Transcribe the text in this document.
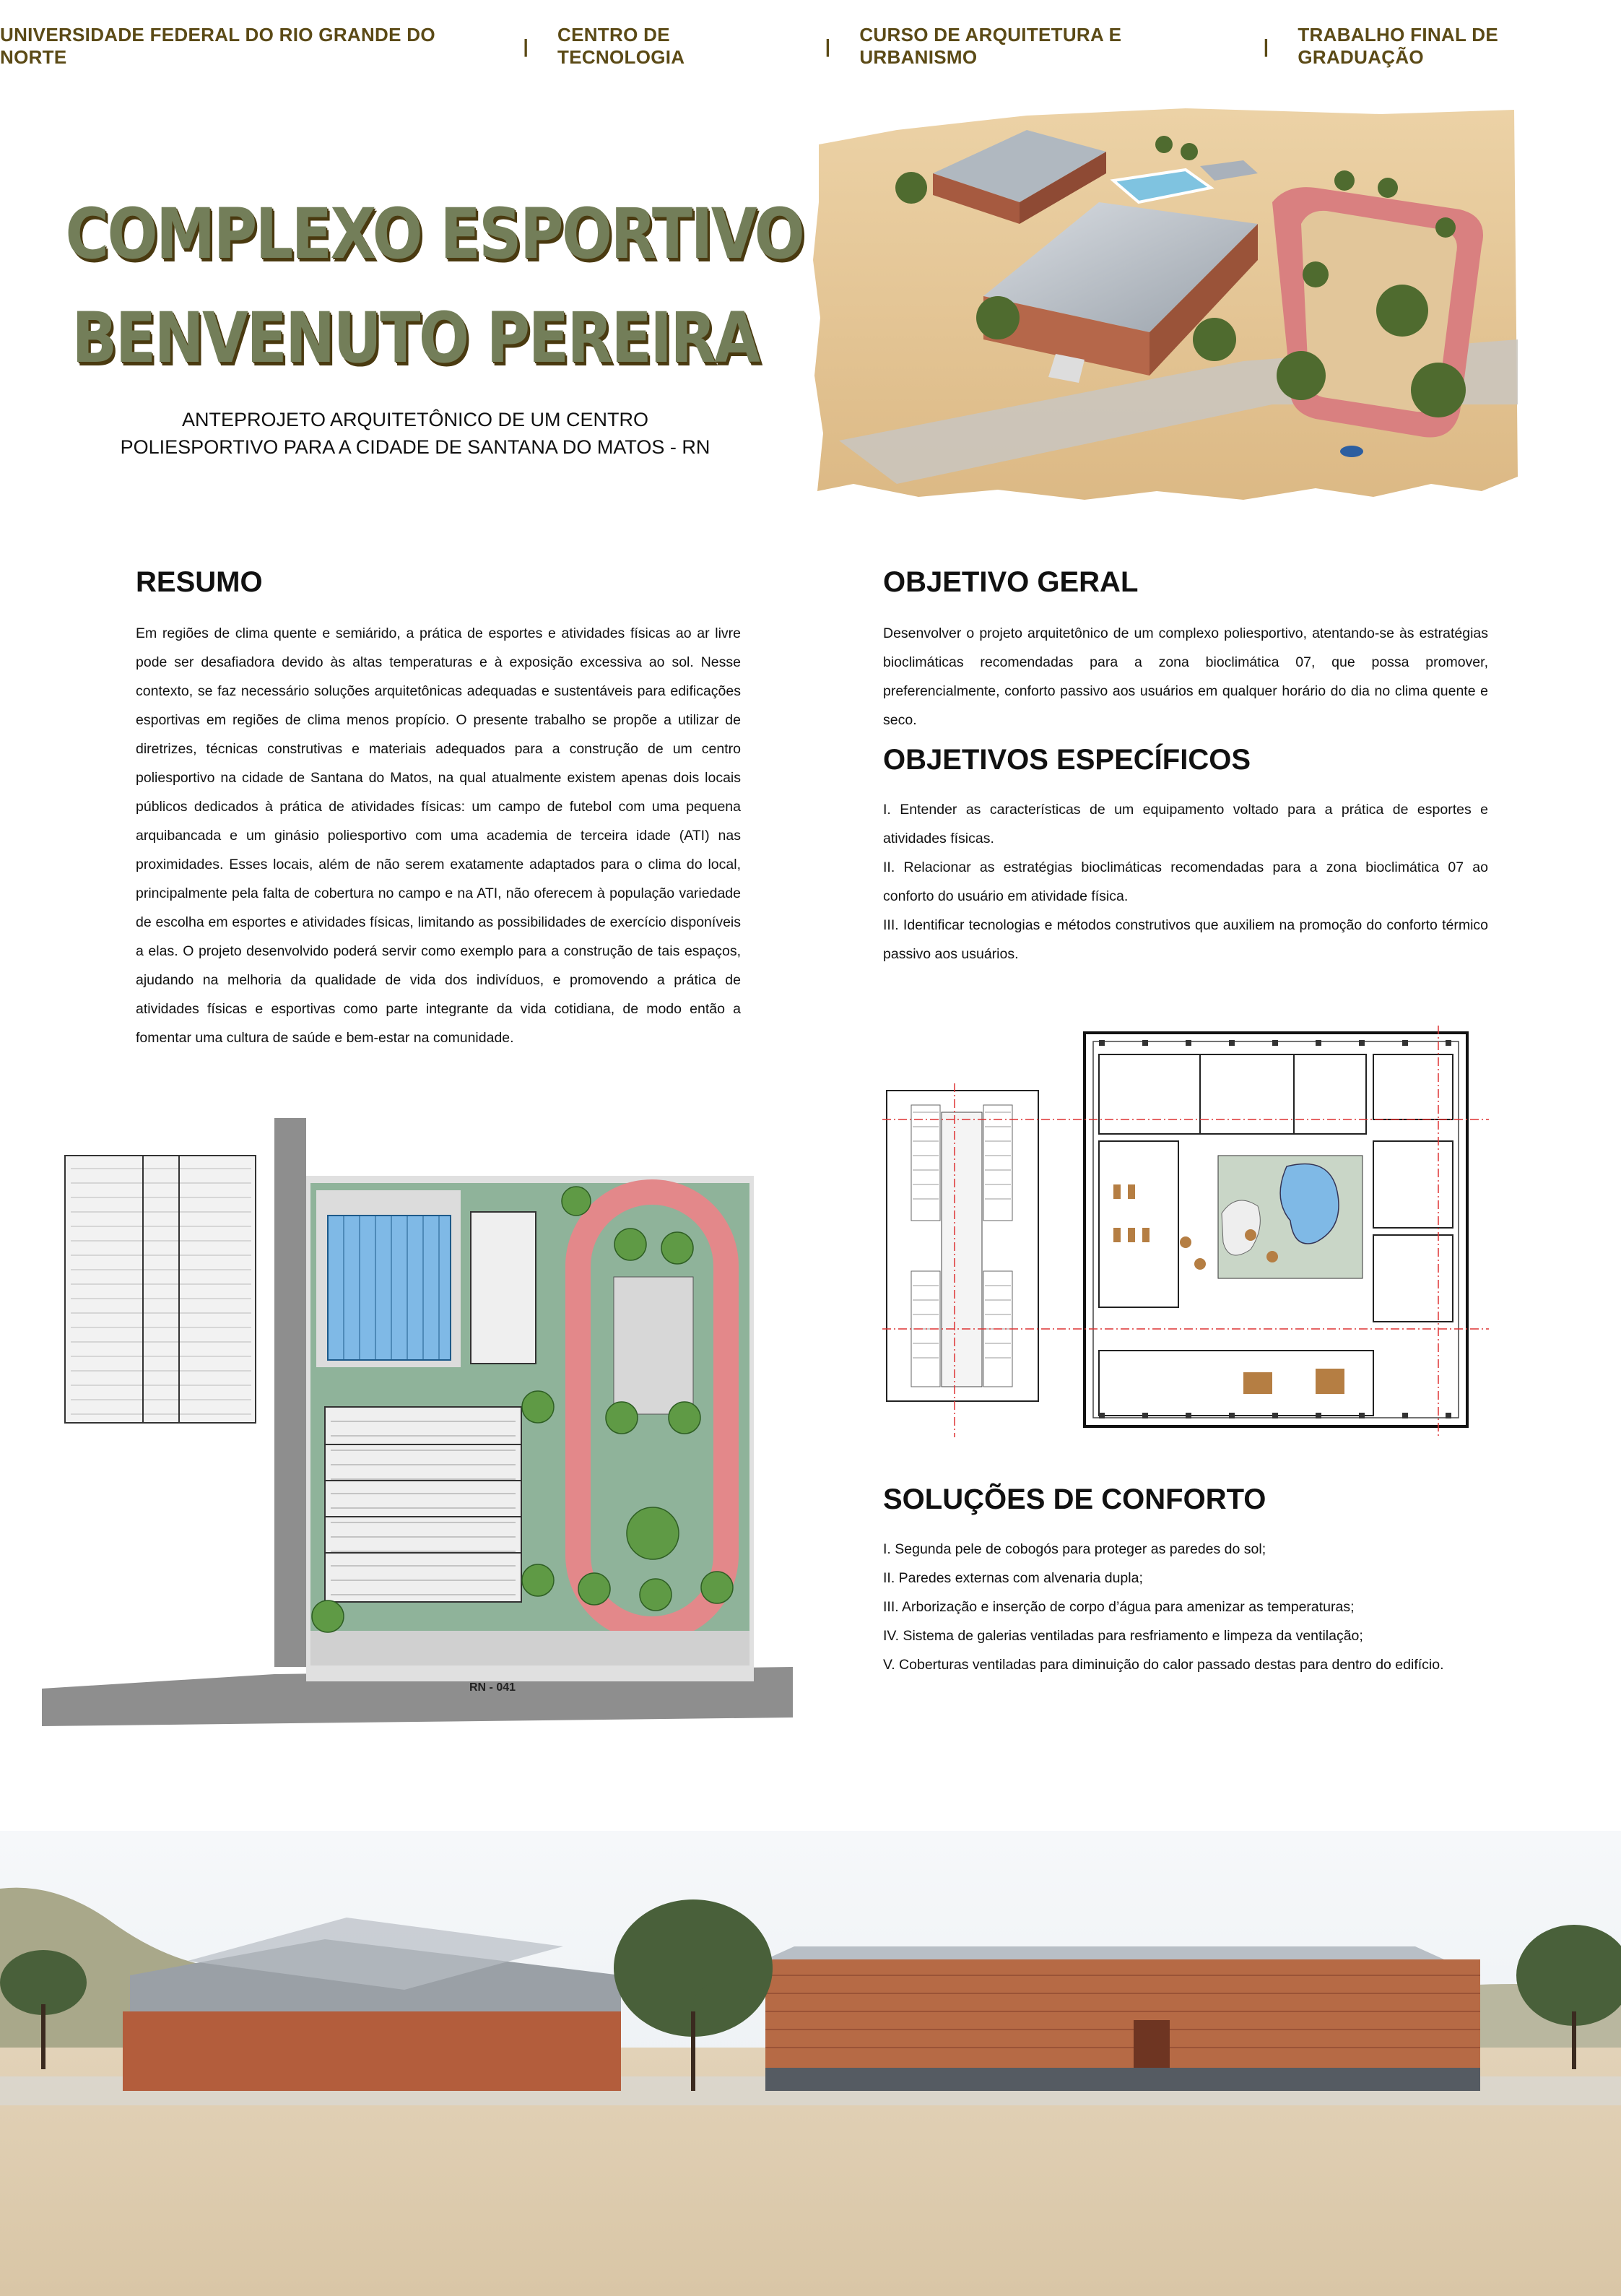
UNIVERSIDADE FEDERAL DO RIO GRANDE DO NORTE
|
CENTRO DE TECNOLOGIA
|
CURSO DE ARQUITETURA E URBANISMO
|
TRABALHO FINAL DE GRADUAÇÃO
COMPLEXO ESPORTIVO
BENVENUTO PEREIRA
ANTEPROJETO ARQUITETÔNICO DE UM CENTRO
POLIESPORTIVO PARA A CIDADE DE SANTANA DO MATOS - RN
RESUMO
Em regiões de clima quente e semiárido, a prática de esportes e atividades físicas ao ar livre pode ser desafiadora devido às altas temperaturas e à exposição excessiva ao sol. Nesse contexto, se faz necessário soluções arquitetônicas adequadas e sustentáveis para edificações esportivas em regiões de clima menos propício. O presente trabalho se propõe a utilizar de diretrizes, técnicas construtivas e materiais adequados para a construção de um centro poliesportivo na cidade de Santana do Matos, na qual atualmente existem apenas dois locais públicos dedicados à prática de atividades físicas: um campo de futebol com uma pequena arquibancada e um ginásio poliesportivo com uma academia de terceira idade (ATI) nas proximidades. Esses locais, além de não serem exatamente adaptados para o clima do local, principalmente pela falta de cobertura no campo e na ATI, não oferecem à população variedade de escolha em esportes e atividades físicas, limitando as possibilidades de exercício disponíveis a elas. O projeto desenvolvido poderá servir como exemplo para a construção de tais espaços, ajudando na melhoria da qualidade de vida dos indivíduos, e promovendo a prática de atividades físicas e esportivas como parte integrante da vida cotidiana, de modo então a fomentar uma cultura de saúde e bem-estar na comunidade.
OBJETIVO GERAL
Desenvolver o projeto arquitetônico de um complexo poliesportivo, atentando-se às estratégias bioclimáticas recomendadas para a zona bioclimática 07, que possa promover, preferencialmente, conforto passivo aos usuários em qualquer horário do dia no clima quente e seco.
OBJETIVOS ESPECÍFICOS
I. Entender as características de um equipamento voltado para a prática de esportes e atividades físicas.
II. Relacionar as estratégias bioclimáticas recomendadas para a zona bioclimática 07 ao conforto do usuário em atividade física.
III. Identificar tecnologias e métodos construtivos que auxiliem na promoção do conforto térmico passivo aos usuários.
RN - 041
SOLUÇÕES DE CONFORTO
I. Segunda pele de cobogós para proteger as paredes do sol;
II. Paredes externas com alvenaria dupla;
III. Arborização e inserção de corpo d’água para amenizar as temperaturas;
IV. Sistema de galerias ventiladas para resfriamento e limpeza da ventilação;
V. Coberturas ventiladas para diminuição do calor passado destas para dentro do edifício.
